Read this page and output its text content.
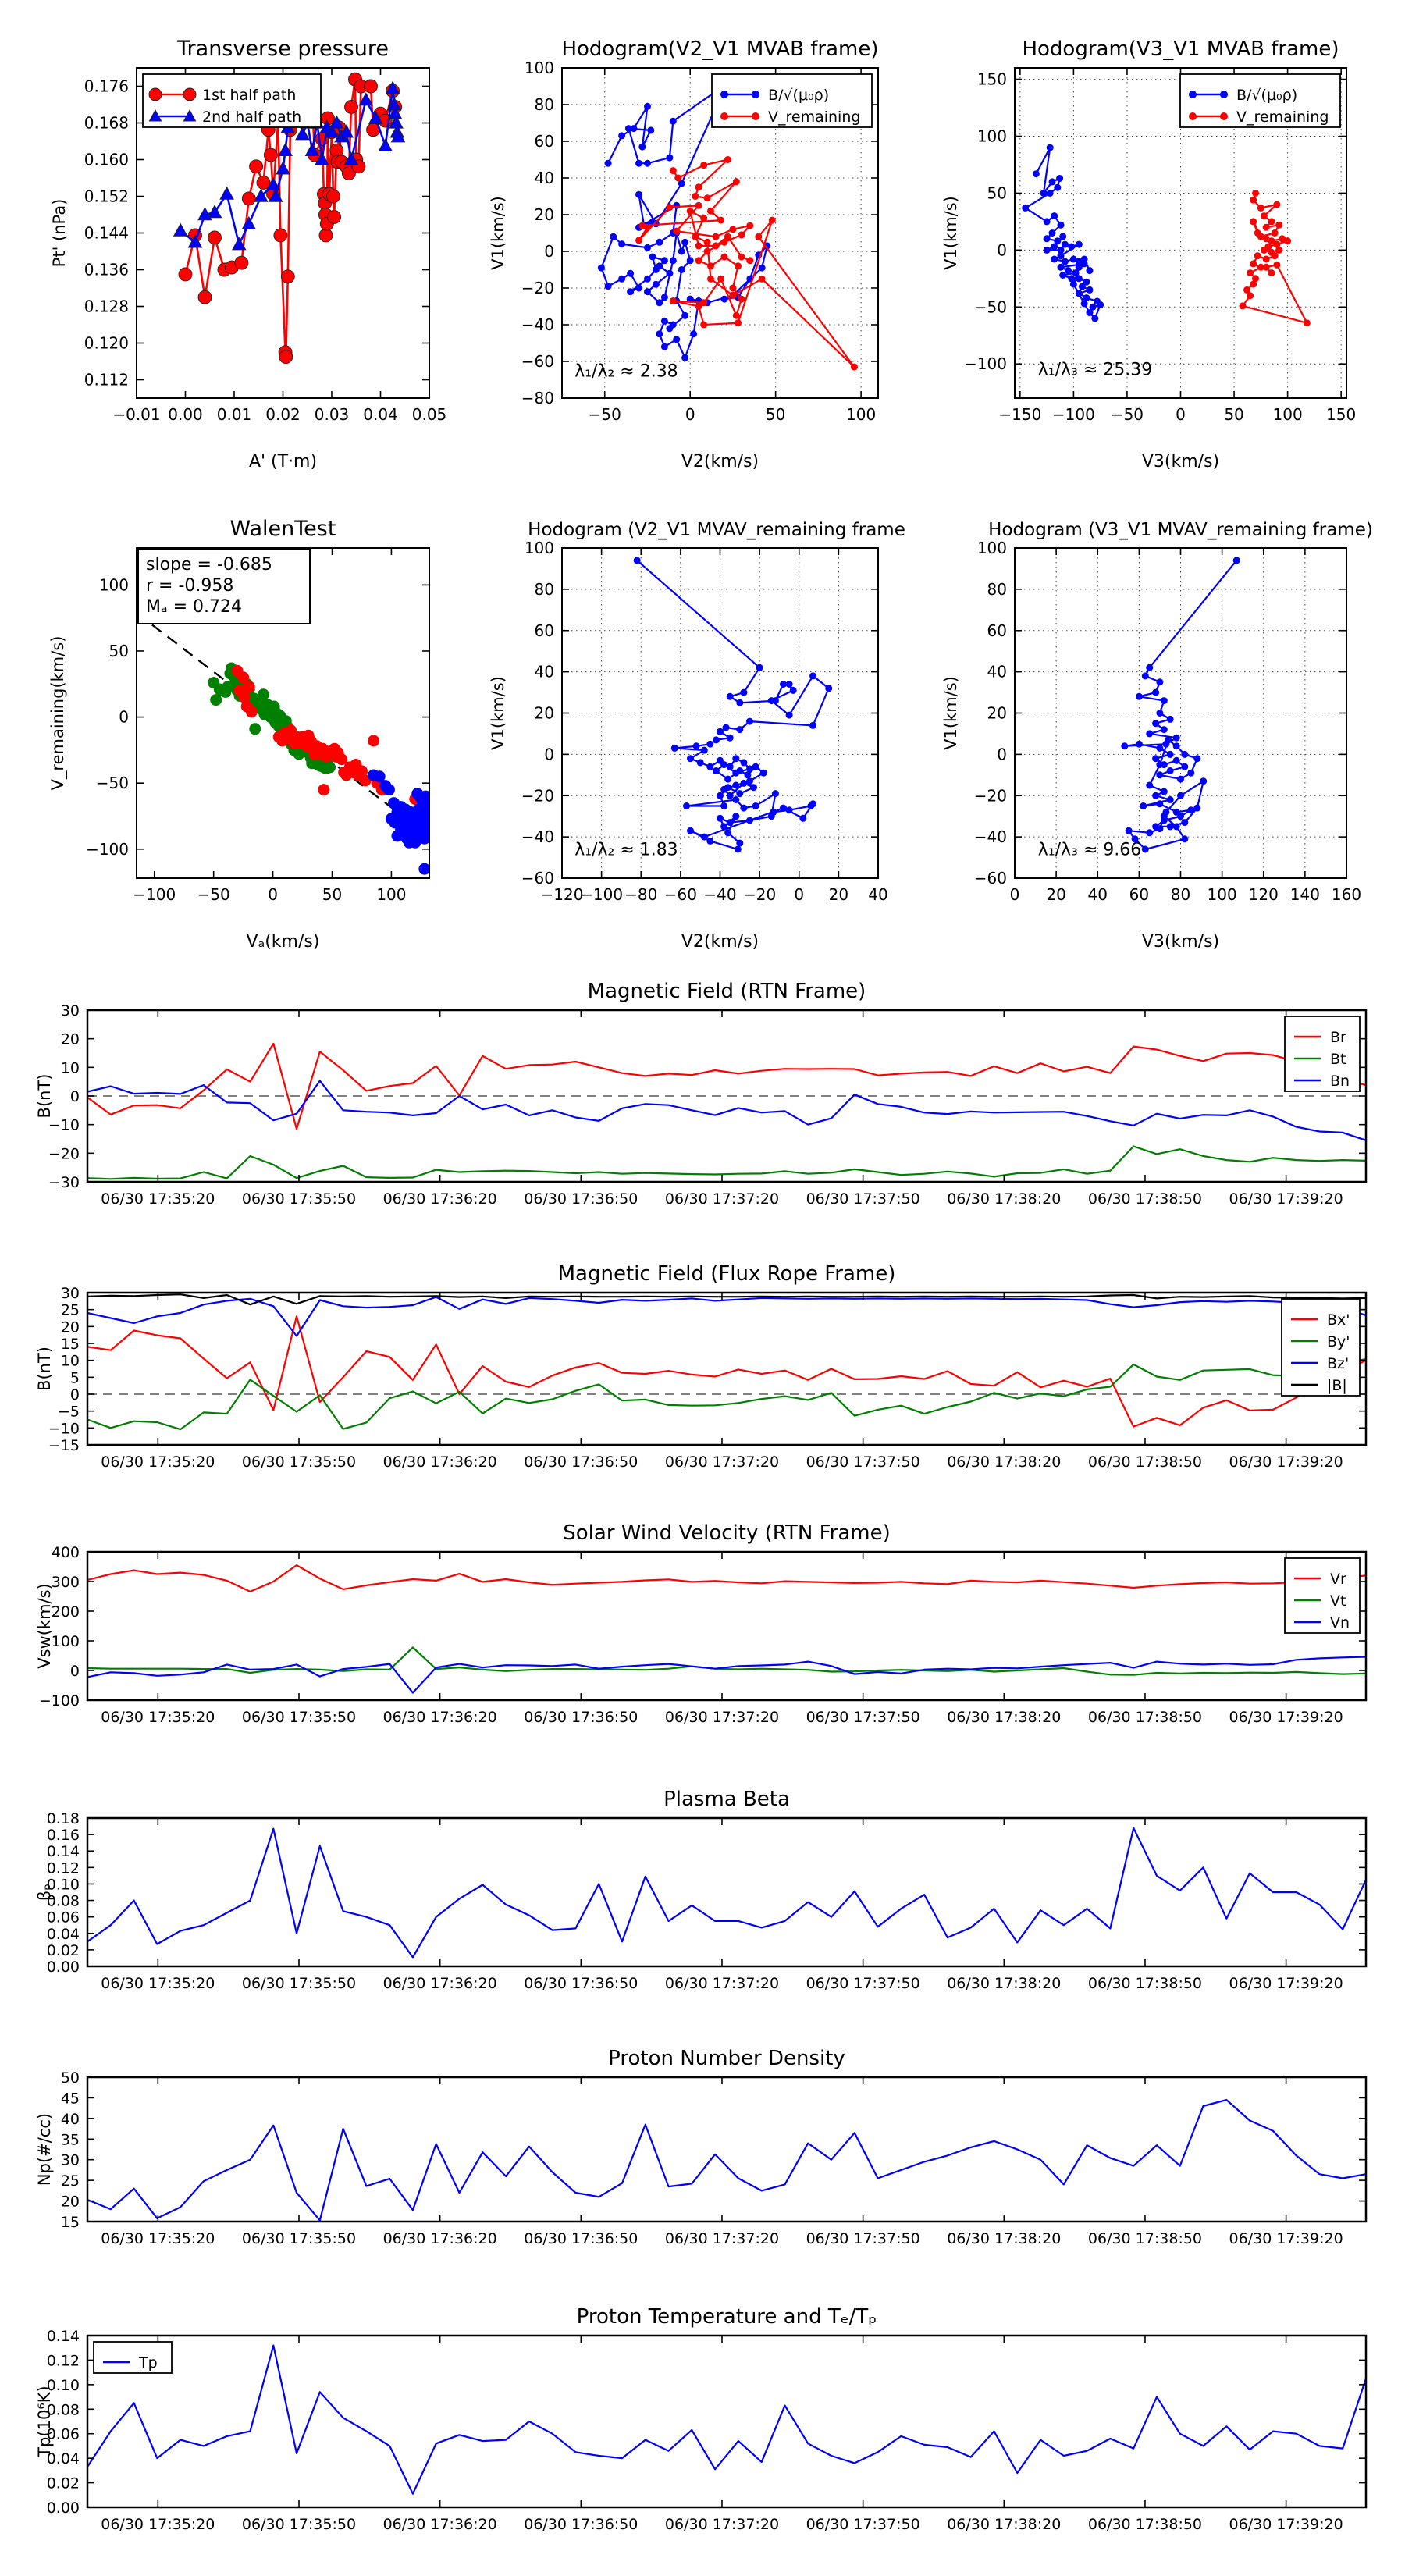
−0.01 0.00 0.01 0.02 0.03 0.04 0.05
0.112
0.120
0.128
0.136
0.144
0.152
0.160
0.168
0.176
A' (T·m)
Pt' (nPa)
Transverse pressure
1st half path
2nd half path
−50	0	50	100
−80
−60
−40
−20
0
20
40
60
80
100
V2(km/s)
V1(km/s)
Hodogram(V2_V1 MVAB frame)
B/√(μ₀ρ)
V_remaining
λ₁/λ₂ ≈ 2.38
−150 −100 −50 0 50 100 150
−100
−50
0
50
100
150
V3(km/s)
V1(km/s)
Hodogram(V3_V1 MVAB frame)
B/√(μ₀ρ)
V_remaining
λ₁/λ₃ ≈ 25.39
−100 −50 0	50 100
−100
−50
0
50
100
Vₐ(km/s)
V_remaining(km/s)
WalenTest
slope = -0.685
r = -0.958
Mₐ = 0.724
−120
−100 −80 −60 −40 −20 0 20 40
−60
−40
−20
0
20
40
60
80
100
V2(km/s)
V1(km/s)
Hodogram (V2_V1 MVAV_remaining frame)
λ₁/λ₂ ≈ 1.83
0 20 40 60 80 100 120 140 160
−60
−40
−20
0
20
40
60
80
100
V3(km/s)
V1(km/s)
Hodogram (V3_V1 MVAV_remaining frame)
λ₁/λ₃ ≈ 9.66
06/30 17:35:20 06/30 17:35:50 06/30 17:36:20 06/30 17:36:50 06/30 17:37:20 06/30 17:37:50 06/30 17:38:20 06/30 17:38:50 06/30 17:39:20
−30
−20
−10
0
10
20
30
B(nT)
Magnetic Field (RTN Frame)
Br
Bt
Bn
06/30 17:35:20 06/30 17:35:50 06/30 17:36:20 06/30 17:36:50 06/30 17:37:20 06/30 17:37:50 06/30 17:38:20 06/30 17:38:50 06/30 17:39:20
−15
−10
−5
0
5
10
15
20
25
30
B(nT)
Magnetic Field (Flux Rope Frame)
Bx'
By'
Bz'
|B|
06/30 17:35:20 06/30 17:35:50 06/30 17:36:20 06/30 17:36:50 06/30 17:37:20 06/30 17:37:50 06/30 17:38:20 06/30 17:38:50 06/30 17:39:20
−100
0
100
200
300
400
Vsw(km/s)
Solar Wind Velocity (RTN Frame)
Vr
Vt
Vn
06/30 17:35:20 06/30 17:35:50 06/30 17:36:20 06/30 17:36:50 06/30 17:37:20 06/30 17:37:50 06/30 17:38:20 06/30 17:38:50 06/30 17:39:20
0.00
0.02
0.04
0.06
0.08
0.10
0.12
0.14
0.16
0.18
βₚ
Plasma Beta
06/30 17:35:20 06/30 17:35:50 06/30 17:36:20 06/30 17:36:50 06/30 17:37:20 06/30 17:37:50 06/30 17:38:20 06/30 17:38:50 06/30 17:39:20
15
20
25
30
35
40
45
50
Np(#/cc)
Proton Number Density
06/30 17:35:20 06/30 17:35:50 06/30 17:36:20 06/30 17:36:50 06/30 17:37:20 06/30 17:37:50 06/30 17:38:20 06/30 17:38:50 06/30 17:39:20
0.00
0.02
0.04
0.06
0.08
0.10
0.12
0.14
Tp(10⁶K)
Proton Temperature and Tₑ/Tₚ
Tp
